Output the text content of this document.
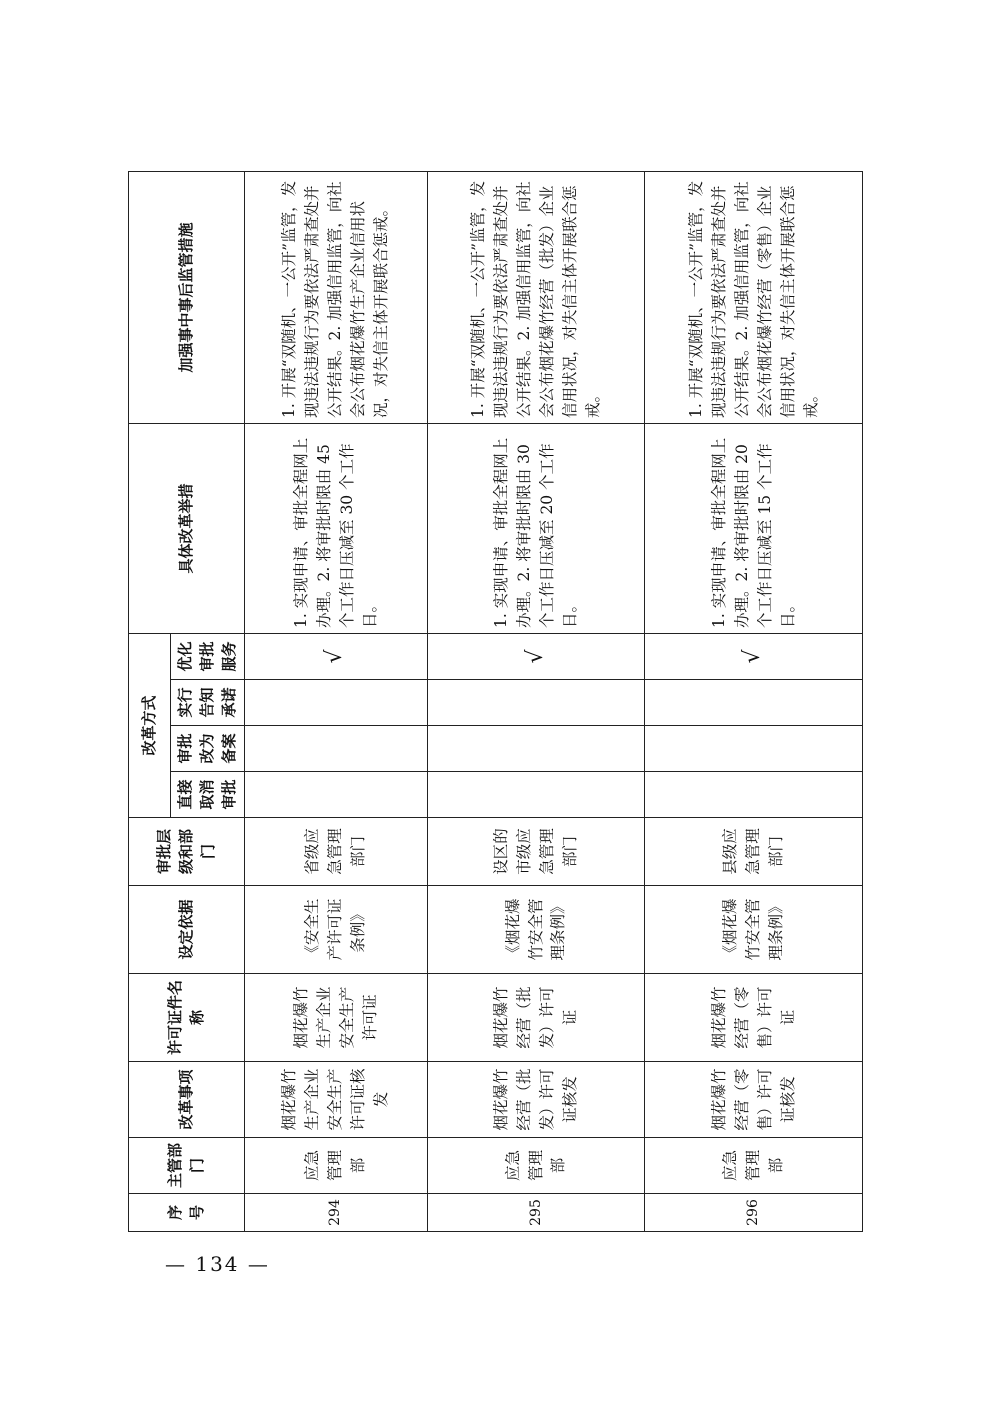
序号	主管部门	改革事项	许可证件名称	设定依据	审批层级和部门	改革方式				具体改革举措	加强事中事后监管措施
						直接取消审批	审批改为备案	实行告知承诺	优化审批服务		
294	应急管理部	烟花爆竹生产企业安全生产许可证核发	烟花爆竹生产企业安全生产许可证	《安全生产许可证条例》	省级应急管理部门				√	1. 实现申请、审批全程网上办理。2. 将审批时限由 45 个工作日压减至 30 个工作日。	1. 开展“双随机、一公开”监管，发现违法违规行为要依法严肃查处并公开结果。2. 加强信用监管，向社会公布烟花爆竹生产企业信用状况，对失信主体开展联合惩戒。
295	应急管理部	烟花爆竹经营（批发）许可证核发	烟花爆竹经营（批发）许可证	《烟花爆竹安全管理条例》	设区的市级应急管理部门				√	1. 实现申请、审批全程网上办理。2. 将审批时限由 30 个工作日压减至 20 个工作日。	1. 开展“双随机、一公开”监管，发现违法违规行为要依法严肃查处并公开结果。2. 加强信用监管，向社会公布烟花爆竹经营（批发）企业信用状况，对失信主体开展联合惩戒。
296	应急管理部	烟花爆竹经营（零售）许可证核发	烟花爆竹经营（零售）许可证	《烟花爆竹安全管理条例》	县级应急管理部门				√	1. 实现申请、审批全程网上办理。2. 将审批时限由 20 个工作日压减至 15 个工作日。	1. 开展“双随机、一公开”监管，发现违法违规行为要依法严肃查处并公开结果。2. 加强信用监管，向社会公布烟花爆竹经营（零售）企业信用状况，对失信主体开展联合惩戒。
— 134 —
